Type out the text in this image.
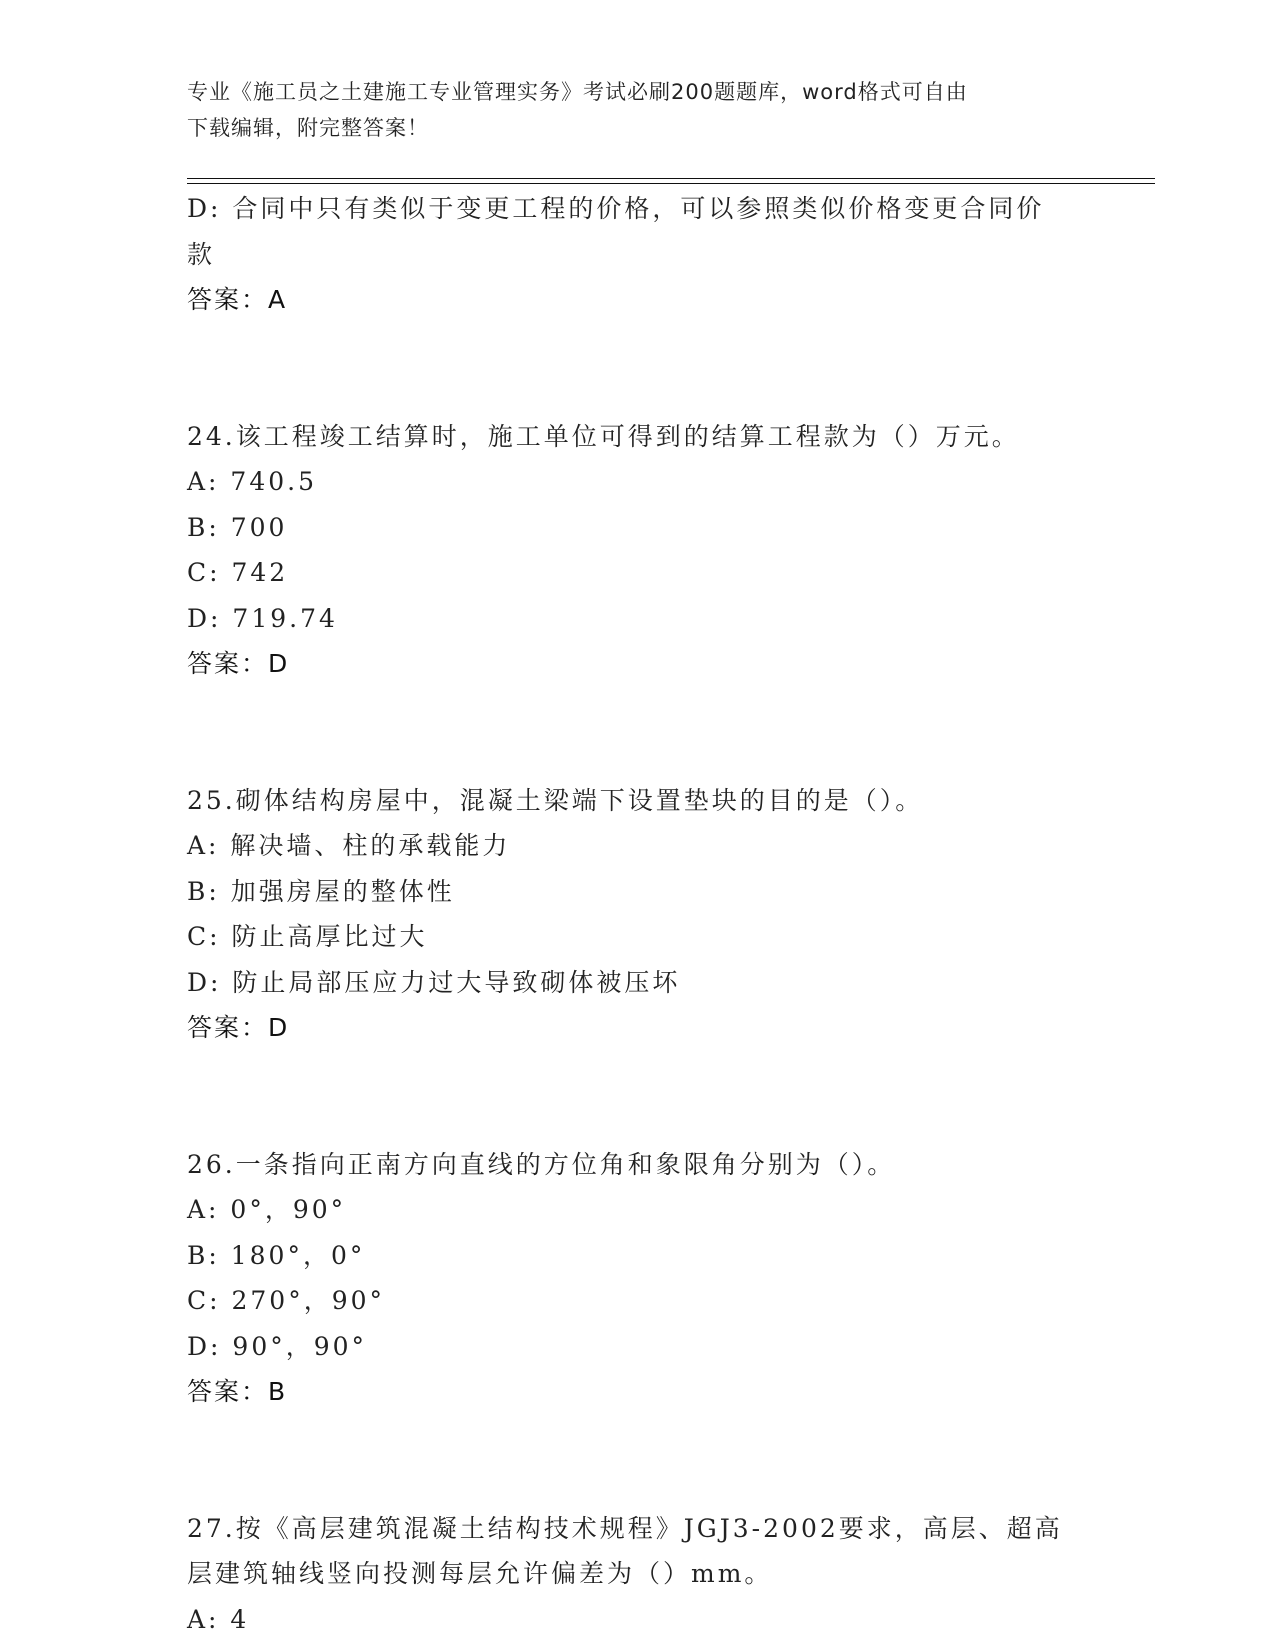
专业《施工员之土建施工专业管理实务》考试必刷200题题库，word格式可自由
下载编辑，附完整答案！
D: 合同中只有类似于变更工程的价格，可以参照类似价格变更合同价
款
答案：A
24.该工程竣工结算时，施工单位可得到的结算工程款为（）万元。
A: 740.5
B: 700
C: 742
D: 719.74
答案：D
25.砌体结构房屋中，混凝土梁端下设置垫块的目的是（）。
A: 解决墙、柱的承载能力
B: 加强房屋的整体性
C: 防止高厚比过大
D: 防止局部压应力过大导致砌体被压坏
答案：D
26.一条指向正南方向直线的方位角和象限角分别为（）。
A: 0°，90°
B: 180°，0°
C: 270°，90°
D: 90°，90°
答案：B
27.按《高层建筑混凝土结构技术规程》JGJ3-2002要求，高层、超高
层建筑轴线竖向投测每层允许偏差为（）mm。
A: 4
